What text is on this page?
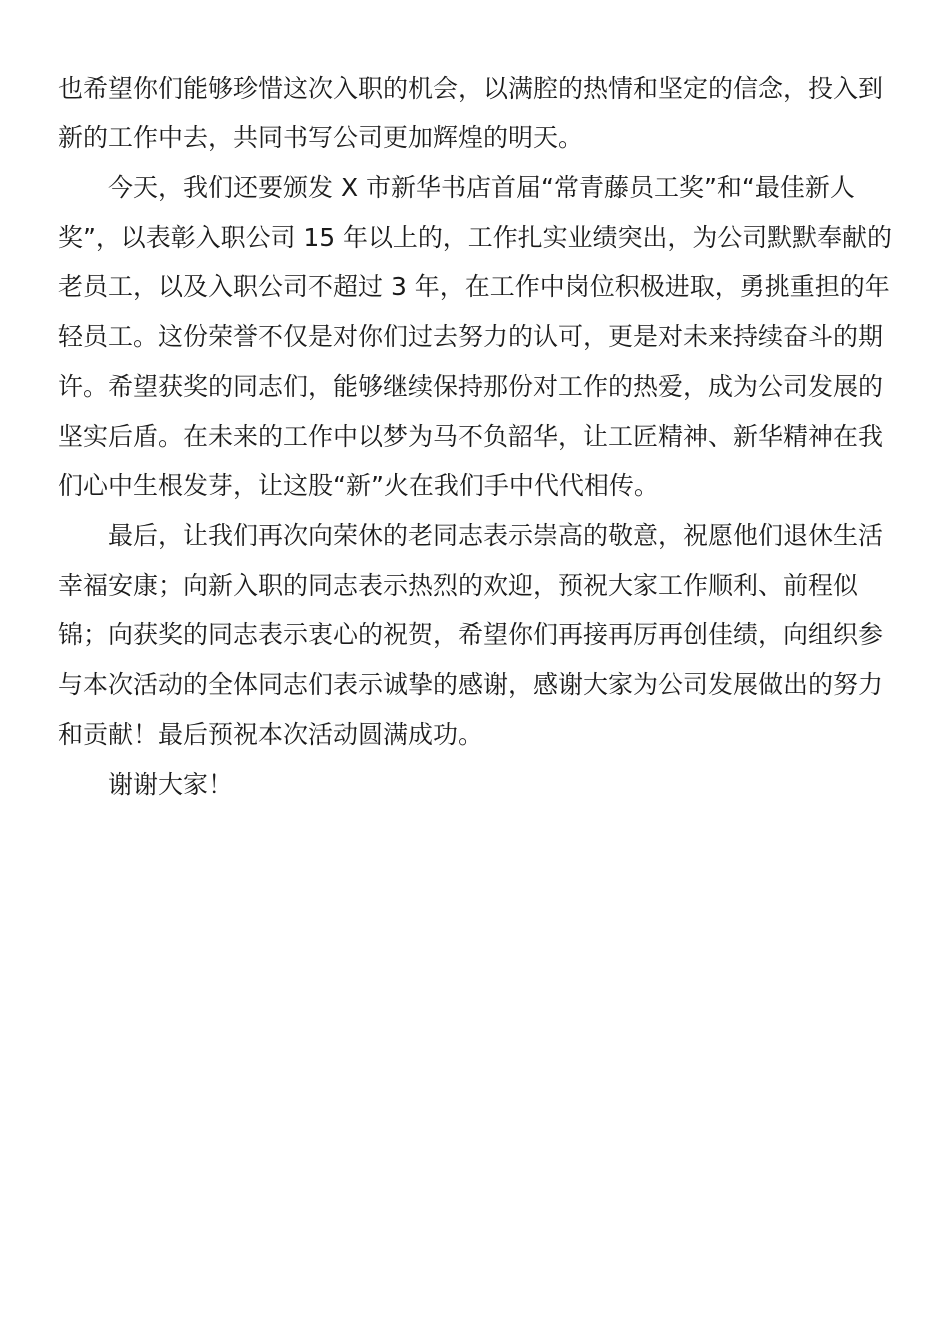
也希望你们能够珍惜这次入职的机会，以满腔的热情和坚定的信念，投入到
新的工作中去，共同书写公司更加辉煌的明天。
今天，我们还要颁发 X 市新华书店首届“常青藤员工奖”和“最佳新人
奖”，以表彰入职公司 15 年以上的，工作扎实业绩突出，为公司默默奉献的
老员工，以及入职公司不超过 3 年，在工作中岗位积极进取，勇挑重担的年
轻员工。这份荣誉不仅是对你们过去努力的认可，更是对未来持续奋斗的期
许。希望获奖的同志们，能够继续保持那份对工作的热爱，成为公司发展的
坚实后盾。在未来的工作中以梦为马不负韶华，让工匠精神、新华精神在我
们心中生根发芽，让这股“新”火在我们手中代代相传。
最后，让我们再次向荣休的老同志表示崇高的敬意，祝愿他们退休生活
幸福安康；向新入职的同志表示热烈的欢迎，预祝大家工作顺利、前程似
锦；向获奖的同志表示衷心的祝贺，希望你们再接再厉再创佳绩，向组织参
与本次活动的全体同志们表示诚挚的感谢，感谢大家为公司发展做出的努力
和贡献！最后预祝本次活动圆满成功。
谢谢大家！
